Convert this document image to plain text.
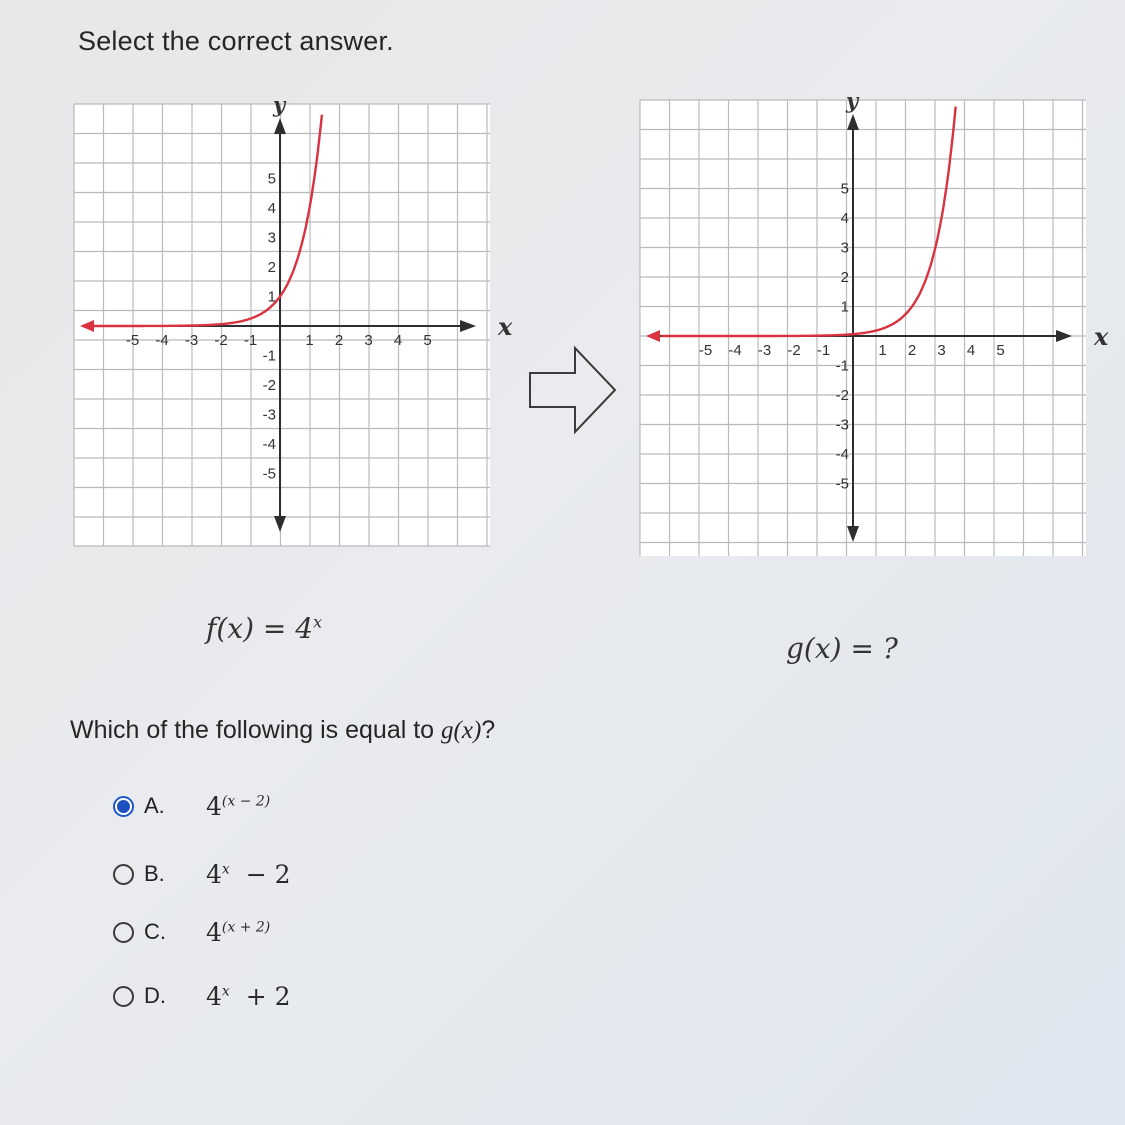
Select the correct answer.
x
y
-5 -4 -3 -2 -1	1 2 3 4 5
5
4
3
2
1
-1
-2
-3
-4
-5
x
y
-5 -4 -3 -2 -1	1 2 3 4 5
5
4
3
2
1
-1
-2
-3
-4
-5
$f(x) = 4^x$
g(x) = ?
Which of the following is equal to g(x)?
A.	$4^{(x - 2)}$
B.	4$^x$  − 2
C.	$4^{(x + 2)}$
D.	4$^x$  + 2
